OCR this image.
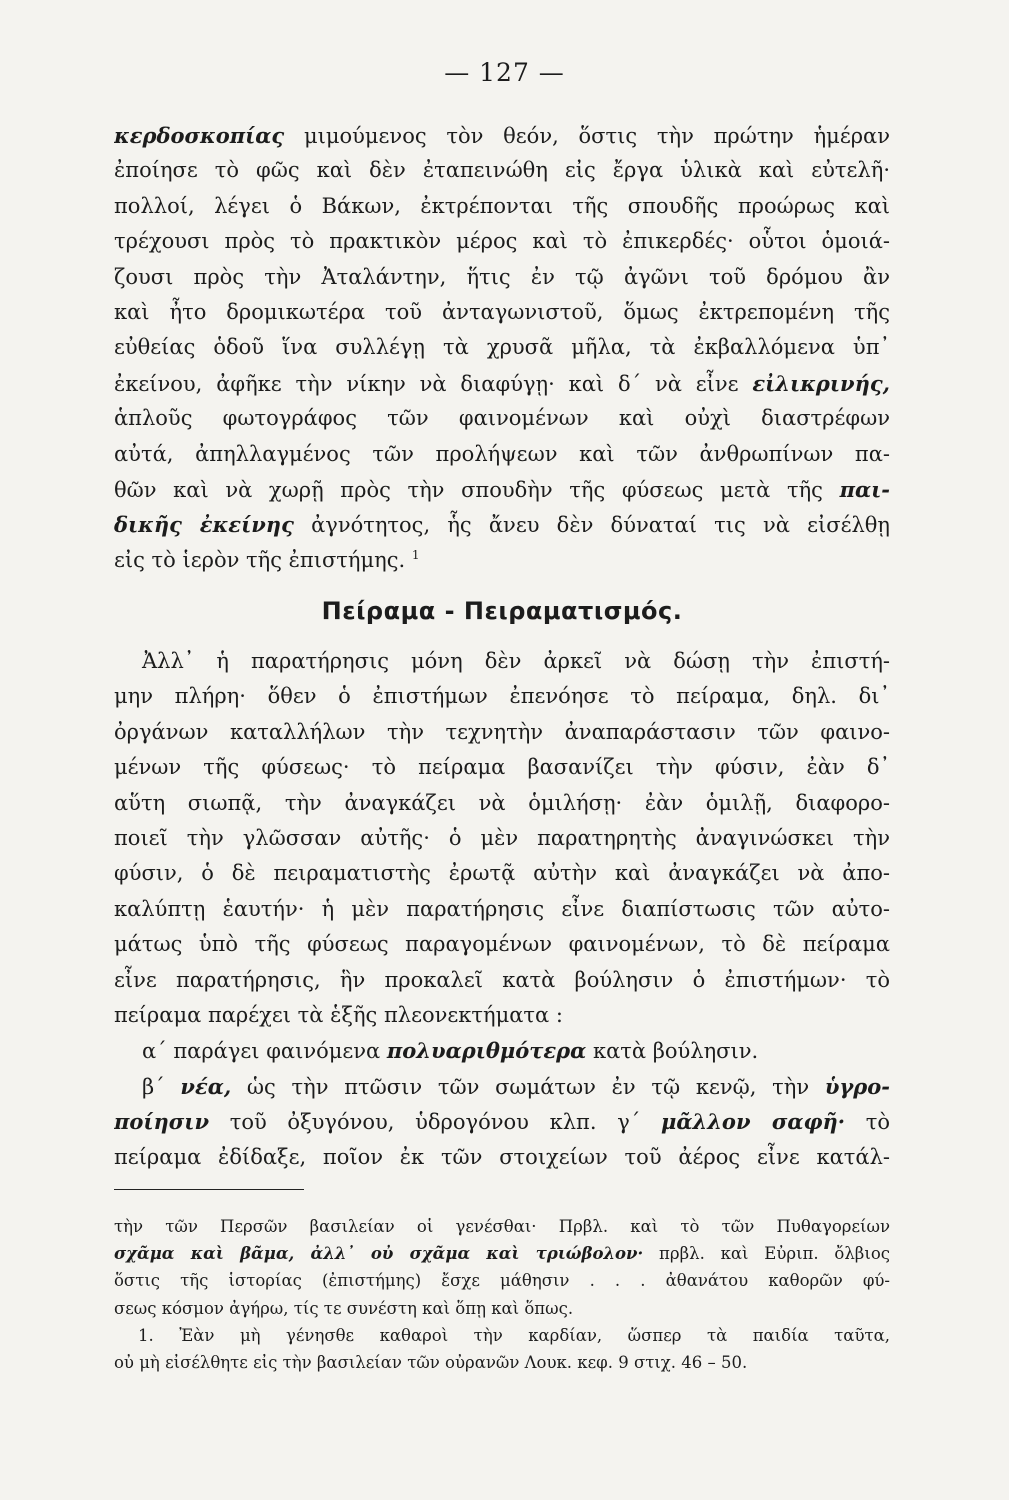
— 127 —
κερδοσκοπίας μιμούμενος τὸν θεόν, ὅστις τὴν πρώτην ἡμέραν
ἐποίησε τὸ φῶς καὶ δὲν ἐταπεινώθη εἰς ἔργα ὑλικὰ καὶ εὐτελῆ·
πολλοί, λέγει ὁ Βάκων, ἐκτρέπονται τῆς σπουδῆς προώρως καὶ
τρέχουσι πρὸς τὸ πρακτικὸν μέρος καὶ τὸ ἐπικερδές· οὗτοι ὁμοιά-
ζουσι πρὸς τὴν Ἀταλάντην, ἥτις ἐν τῷ ἀγῶνι τοῦ δρόμου ἂν
καὶ ἦτο δρομικωτέρα τοῦ ἀνταγωνιστοῦ, ὅμως ἐκτρεπομένη τῆς
εὐθείας ὁδοῦ ἵνα συλλέγῃ τὰ χρυσᾶ μῆλα, τὰ ἐκβαλλόμενα ὑπ᾽
ἐκείνου, ἀφῆκε τὴν νίκην νὰ διαφύγῃ· καὶ δ΄ νὰ εἶνε εἰλικρινής,
ἁπλοῦς φωτογράφος τῶν φαινομένων καὶ οὐχὶ διαστρέφων
αὐτά, ἀπηλλαγμένος τῶν προλήψεων καὶ τῶν ἀνθρωπίνων πα-
θῶν καὶ νὰ χωρῇ πρὸς τὴν σπουδὴν τῆς φύσεως μετὰ τῆς παι-
δικῆς ἐκείνης ἀγνότητος, ἧς ἄνευ δὲν δύναταί τις νὰ εἰσέλθῃ
εἰς τὸ ἱερὸν τῆς ἐπιστήμης. $^1$
Πείραμα - Πειραματισμός.
Ἀλλ᾽ ἡ παρατήρησις μόνη δὲν ἀρκεῖ νὰ δώσῃ τὴν ἐπιστή-
μην πλήρη· ὅθεν ὁ ἐπιστήμων ἐπενόησε τὸ πείραμα, δηλ. δι᾽
ὀργάνων καταλλήλων τὴν τεχνητὴν ἀναπαράστασιν τῶν φαινο-
μένων τῆς φύσεως· τὸ πείραμα βασανίζει τὴν φύσιν, ἐὰν δ᾽
αὕτη σιωπᾷ, τὴν ἀναγκάζει νὰ ὁμιλήσῃ· ἐὰν ὁμιλῇ, διαφορο-
ποιεῖ τὴν γλῶσσαν αὐτῆς· ὁ μὲν παρατηρητὴς ἀναγινώσκει τὴν
φύσιν, ὁ δὲ πειραματιστὴς ἐρωτᾷ αὐτὴν καὶ ἀναγκάζει νὰ ἀπο-
καλύπτῃ ἑαυτήν· ἡ μὲν παρατήρησις εἶνε διαπίστωσις τῶν αὐτο-
μάτως ὑπὸ τῆς φύσεως παραγομένων φαινομένων, τὸ δὲ πείραμα
εἶνε παρατήρησις, ἣν προκαλεῖ κατὰ βούλησιν ὁ ἐπιστήμων· τὸ
πείραμα παρέχει τὰ ἑξῆς πλεονεκτήματα :
α΄ παράγει φαινόμενα πολυαριθμότερα κατὰ βούλησιν.
β΄ νέα, ὡς τὴν πτῶσιν τῶν σωμάτων ἐν τῷ κενῷ, τὴν ὑγρο-
ποίησιν τοῦ ὀξυγόνου, ὑδρογόνου κλπ. γ΄ μᾶλλον σαφῆ· τὸ
πείραμα ἐδίδαξε, ποῖον ἐκ τῶν στοιχείων τοῦ ἀέρος εἶνε κατάλ-
τὴν τῶν Περσῶν βασιλείαν οἱ γενέσθαι· Πρβλ. καὶ τὸ τῶν Πυθαγορείων
σχᾶμα καὶ βᾶμα, ἀλλ᾽ οὐ σχᾶμα καὶ τριώβολον· πρβλ. καὶ Εὐριπ. ὄλβιος
ὅστις τῆς ἱστορίας (ἐπιστήμης) ἔσχε μάθησιν . . . ἀθανάτου καθορῶν φύ-
σεως κόσμον ἀγήρω, τίς τε συνέστη καὶ ὅπῃ καὶ ὅπως.
1. Ἐὰν μὴ γένησθε καθαροὶ τὴν καρδίαν, ὥσπερ τὰ παιδία ταῦτα,
οὐ μὴ εἰσέλθητε εἰς τὴν βασιλείαν τῶν οὐρανῶν Λουκ. κεφ. 9 στιχ. 46 – 50.
